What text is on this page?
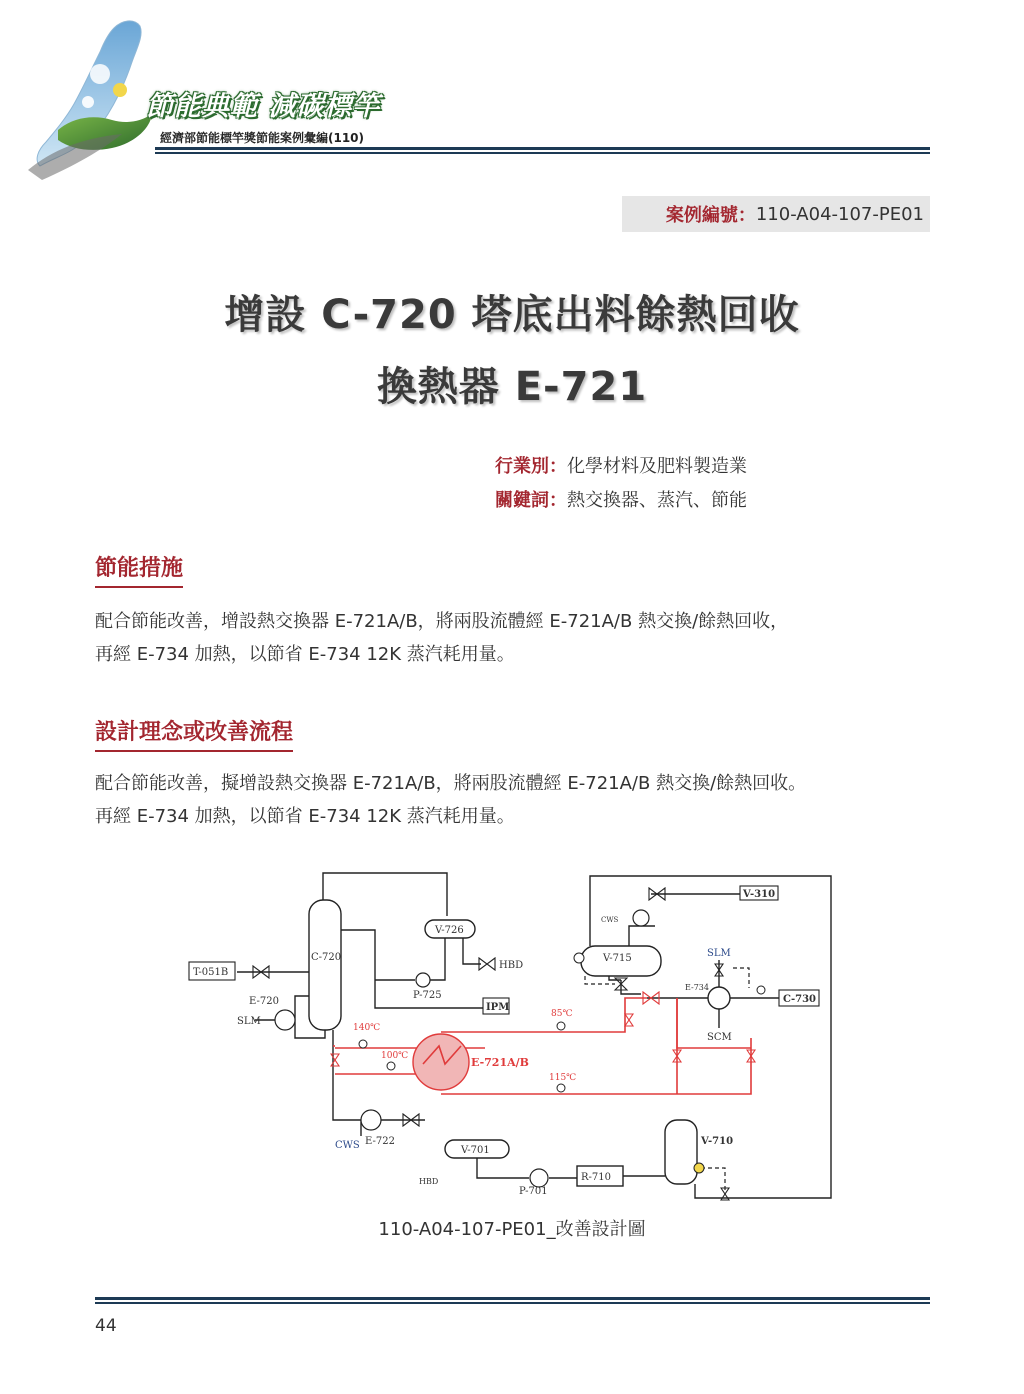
節能典範 減碳標竿
經濟部節能標竿獎節能案例彙編(110)
案例編號： 110-A04-107-PE01
增設 C-720 塔底出料餘熱回收
換熱器 E-721
行業別：化學材料及肥料製造業
關鍵詞：熱交換器、蒸汽、節能
節能措施
配合節能改善，增設熱交換器 E-721A/B，將兩股流體經 E-721A/B 熱交換/餘熱回收，
再經 E-734 加熱，以節省 E-734 12K 蒸汽耗用量。
設計理念或改善流程
配合節能改善，擬增設熱交換器 E-721A/B，將兩股流體經 E-721A/B 熱交換/餘熱回收。
再經 E-734 加熱，以節省 E-734 12K 蒸汽耗用量。
T-051B
C-720
E-720
SLM
V-726
P-725
HBD
IPM
V-715
CWS
V-310
SLM
E-734
SCM
C-730
140℃
100℃
85℃
115℃
E-721A/B
CWS E-722
V-701
HBD
P-701
R-710
V-710
110-A04-107-PE01_改善設計圖
44
